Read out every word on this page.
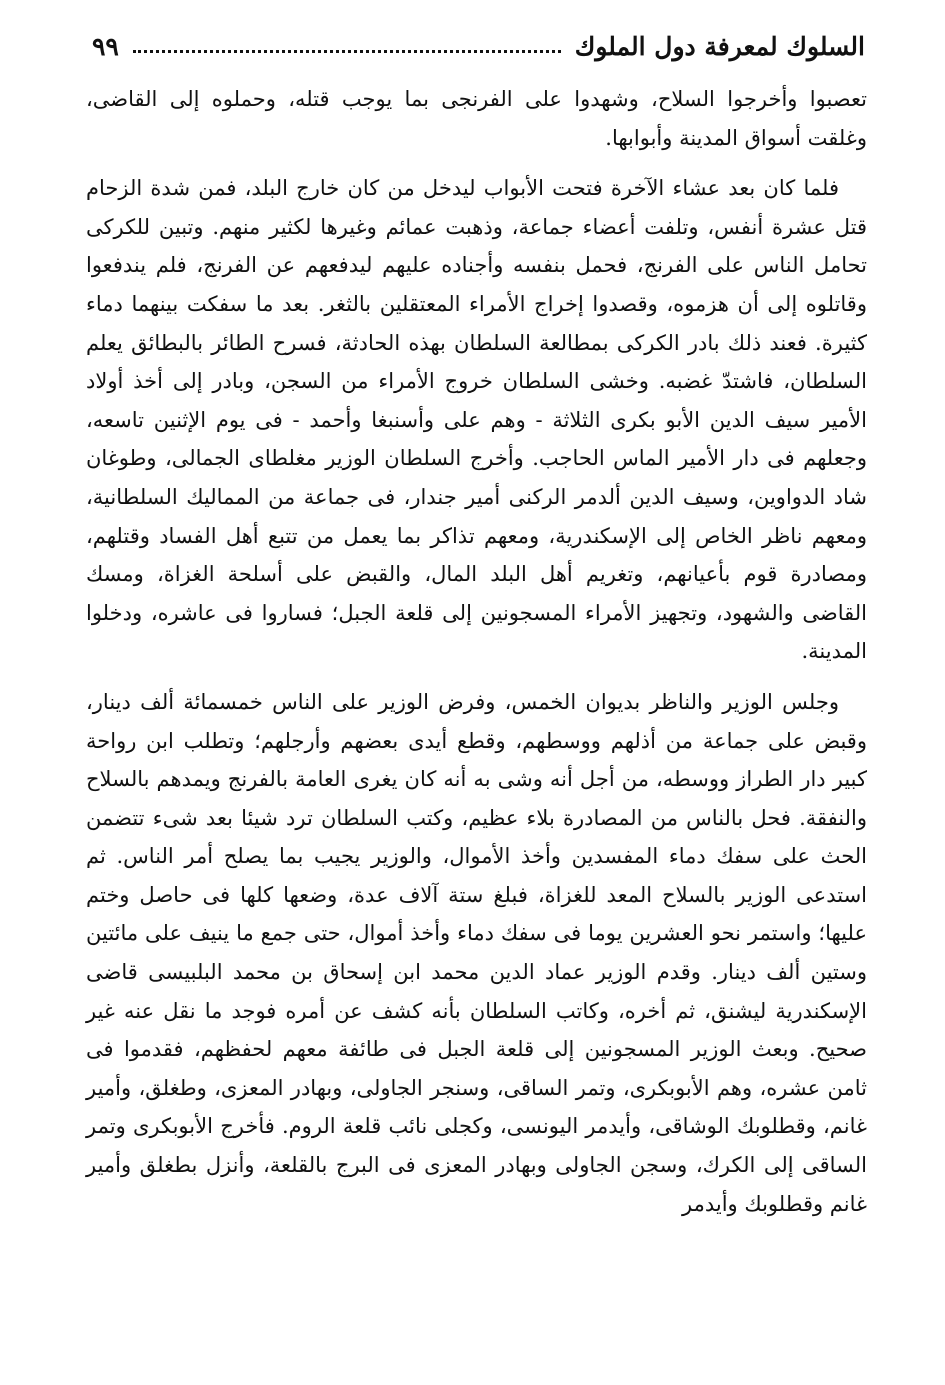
السلوك لمعرفة دول الملوك
٩٩

تعصبوا وأخرجوا السلاح، وشهدوا على الفرنجى بما يوجب قتله، وحملوه إلى القاضى، وغلقت أسواق المدينة وأبوابها.

فلما كان بعد عشاء الآخرة فتحت الأبواب ليدخل من كان خارج البلد، فمن شدة الزحام قتل عشرة أنفس، وتلفت أعضاء جماعة، وذهبت عمائم وغيرها لكثير منهم. وتبين للكركى تحامل الناس على الفرنج، فحمل بنفسه وأجناده عليهم ليدفعهم عن الفرنج، فلم يندفعوا وقاتلوه إلى أن هزموه، وقصدوا إخراج الأمراء المعتقلين بالثغر. بعد ما سفكت بينهما دماء كثيرة. فعند ذلك بادر الكركى بمطالعة السلطان بهذه الحادثة، فسرح الطائر بالبطائق يعلم السلطان، فاشتدّ غضبه. وخشى السلطان خروج الأمراء من السجن، وبادر إلى أخذ أولاد الأمير سيف الدين الأبو بكرى الثلاثة - وهم على وأسنبغا وأحمد - فى يوم الإثنين تاسعه، وجعلهم فى دار الأمير الماس الحاجب. وأخرج السلطان الوزير مغلطاى الجمالى، وطوغان شاد الدواوين، وسيف الدين ألدمر الركنى أمير جندار، فى جماعة من المماليك السلطانية، ومعهم ناظر الخاص إلى الإسكندرية، ومعهم تذاكر بما يعمل من تتبع أهل الفساد وقتلهم، ومصادرة قوم بأعيانهم، وتغريم أهل البلد المال، والقبض على أسلحة الغزاة، ومسك القاضى والشهود، وتجهيز الأمراء المسجونين إلى قلعة الجبل؛ فساروا فى عاشره، ودخلوا المدينة.

وجلس الوزير والناظر بديوان الخمس، وفرض الوزير على الناس خمسمائة ألف دينار، وقبض على جماعة من أذلهم ووسطهم، وقطع أيدى بعضهم وأرجلهم؛ وتطلب ابن رواحة كبير دار الطراز ووسطه، من أجل أنه وشى به أنه كان يغرى العامة بالفرنج ويمدهم بالسلاح والنفقة. فحل بالناس من المصادرة بلاء عظيم، وكتب السلطان ترد شيئا بعد شىء تتضمن الحث على سفك دماء المفسدين وأخذ الأموال، والوزير يجيب بما يصلح أمر الناس. ثم استدعى الوزير بالسلاح المعد للغزاة، فبلغ ستة آلاف عدة، وضعها كلها فى حاصل وختم عليها؛ واستمر نحو العشرين يوما فى سفك دماء وأخذ أموال، حتى جمع ما ينيف على مائتين وستين ألف دينار. وقدم الوزير عماد الدين محمد ابن إسحاق بن محمد البلبيسى قاضى الإسكندرية ليشنق، ثم أخره، وكاتب السلطان بأنه كشف عن أمره فوجد ما نقل عنه غير صحيح. وبعث الوزير المسجونين إلى قلعة الجبل فى طائفة معهم لحفظهم، فقدموا فى ثامن عشره، وهم الأبوبكرى، وتمر الساقى، وسنجر الجاولى، وبهادر المعزى، وطغلق، وأمير غانم، وقطلوبك الوشاقى، وأيدمر اليونسى، وكجلى نائب قلعة الروم. فأخرج الأبوبكرى وتمر الساقى إلى الكرك، وسجن الجاولى وبهادر المعزى فى البرج بالقلعة، وأنزل بطغلق وأمير غانم وقطلوبك وأيدمر
